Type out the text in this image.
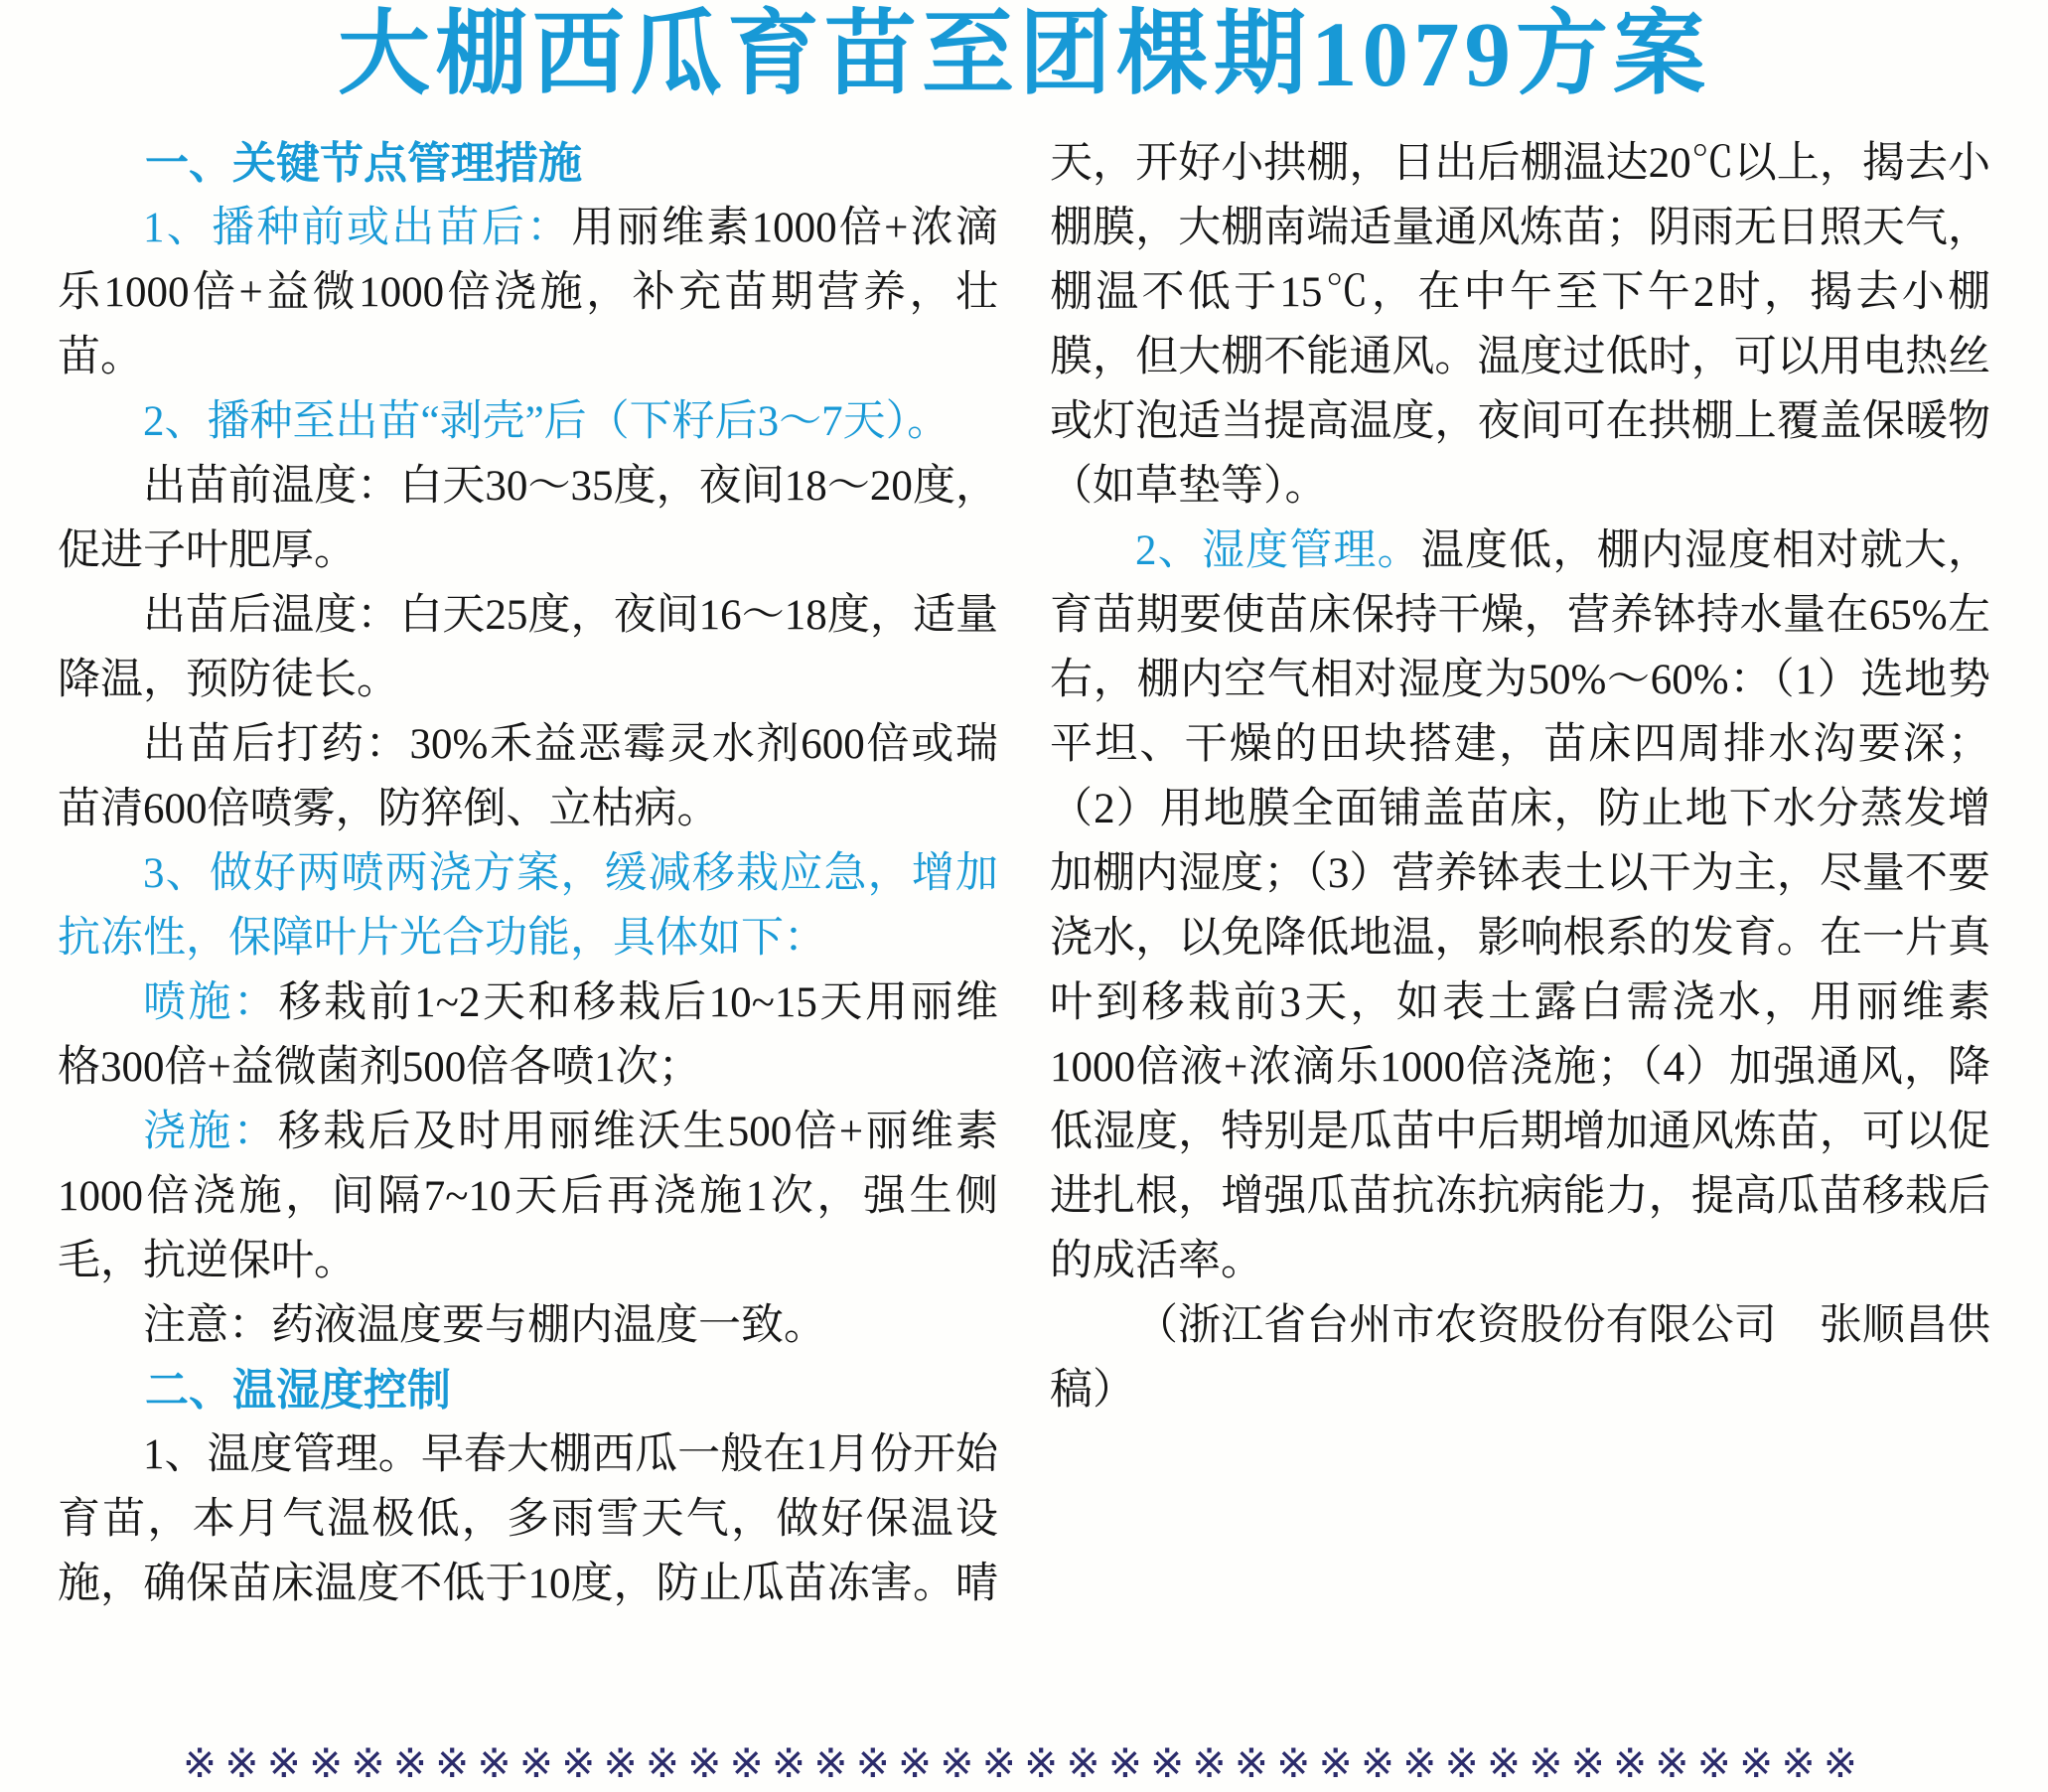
大棚西瓜育苗至团棵期1079方案

一、关键节点管理措施

1、播种前或出苗后：用丽维素1000倍+浓滴乐1000倍+益微1000倍浇施，补充苗期营养，壮苗。

2、播种至出苗“剥壳”后（下籽后3～7天）。

出苗前温度：白天30～35度，夜间18～20度，促进子叶肥厚。

出苗后温度：白天25度，夜间16～18度，适量降温，预防徒长。

出苗后打药：30%禾益恶霉灵水剂600倍或瑞苗清600倍喷雾，防猝倒、立枯病。

3、做好两喷两浇方案，缓减移栽应急，增加抗冻性，保障叶片光合功能，具体如下：

喷施：移栽前1~2天和移栽后10~15天用丽维格300倍+益微菌剂500倍各喷1次；

浇施：移栽后及时用丽维沃生500倍+丽维素1000倍浇施，间隔7~10天后再浇施1次，强生侧毛，抗逆保叶。

注意：药液温度要与棚内温度一致。

二、温湿度控制

1、温度管理。早春大棚西瓜一般在1月份开始育苗，本月气温极低，多雨雪天气，做好保温设施，确保苗床温度不低于10度，防止瓜苗冻害。晴天，开好小拱棚，日出后棚温达20℃以上，揭去小棚膜，大棚南端适量通风炼苗；阴雨无日照天气，棚温不低于15℃，在中午至下午2时，揭去小棚膜，但大棚不能通风。温度过低时，可以用电热丝或灯泡适当提高温度，夜间可在拱棚上覆盖保暖物（如草垫等）。

2、湿度管理。温度低，棚内湿度相对就大，育苗期要使苗床保持干燥，营养钵持水量在65%左右，棚内空气相对湿度为50%～60%：（1）选地势平坦、干燥的田块搭建，苗床四周排水沟要深；（2）用地膜全面铺盖苗床，防止地下水分蒸发增加棚内湿度；（3）营养钵表土以干为主，尽量不要浇水，以免降低地温，影响根系的发育。在一片真叶到移栽前3天，如表土露白需浇水，用丽维素1000倍液+浓滴乐1000倍浇施；（4）加强通风，降低湿度，特别是瓜苗中后期增加通风炼苗，可以促进扎根，增强瓜苗抗冻抗病能力，提高瓜苗移栽后的成活率。

（浙江省台州市农资股份有限公司　张顺昌供稿）

※※※※※※※※※※※※※※※※※※※※※※※※※※※※※※※※※※※※※※※※
